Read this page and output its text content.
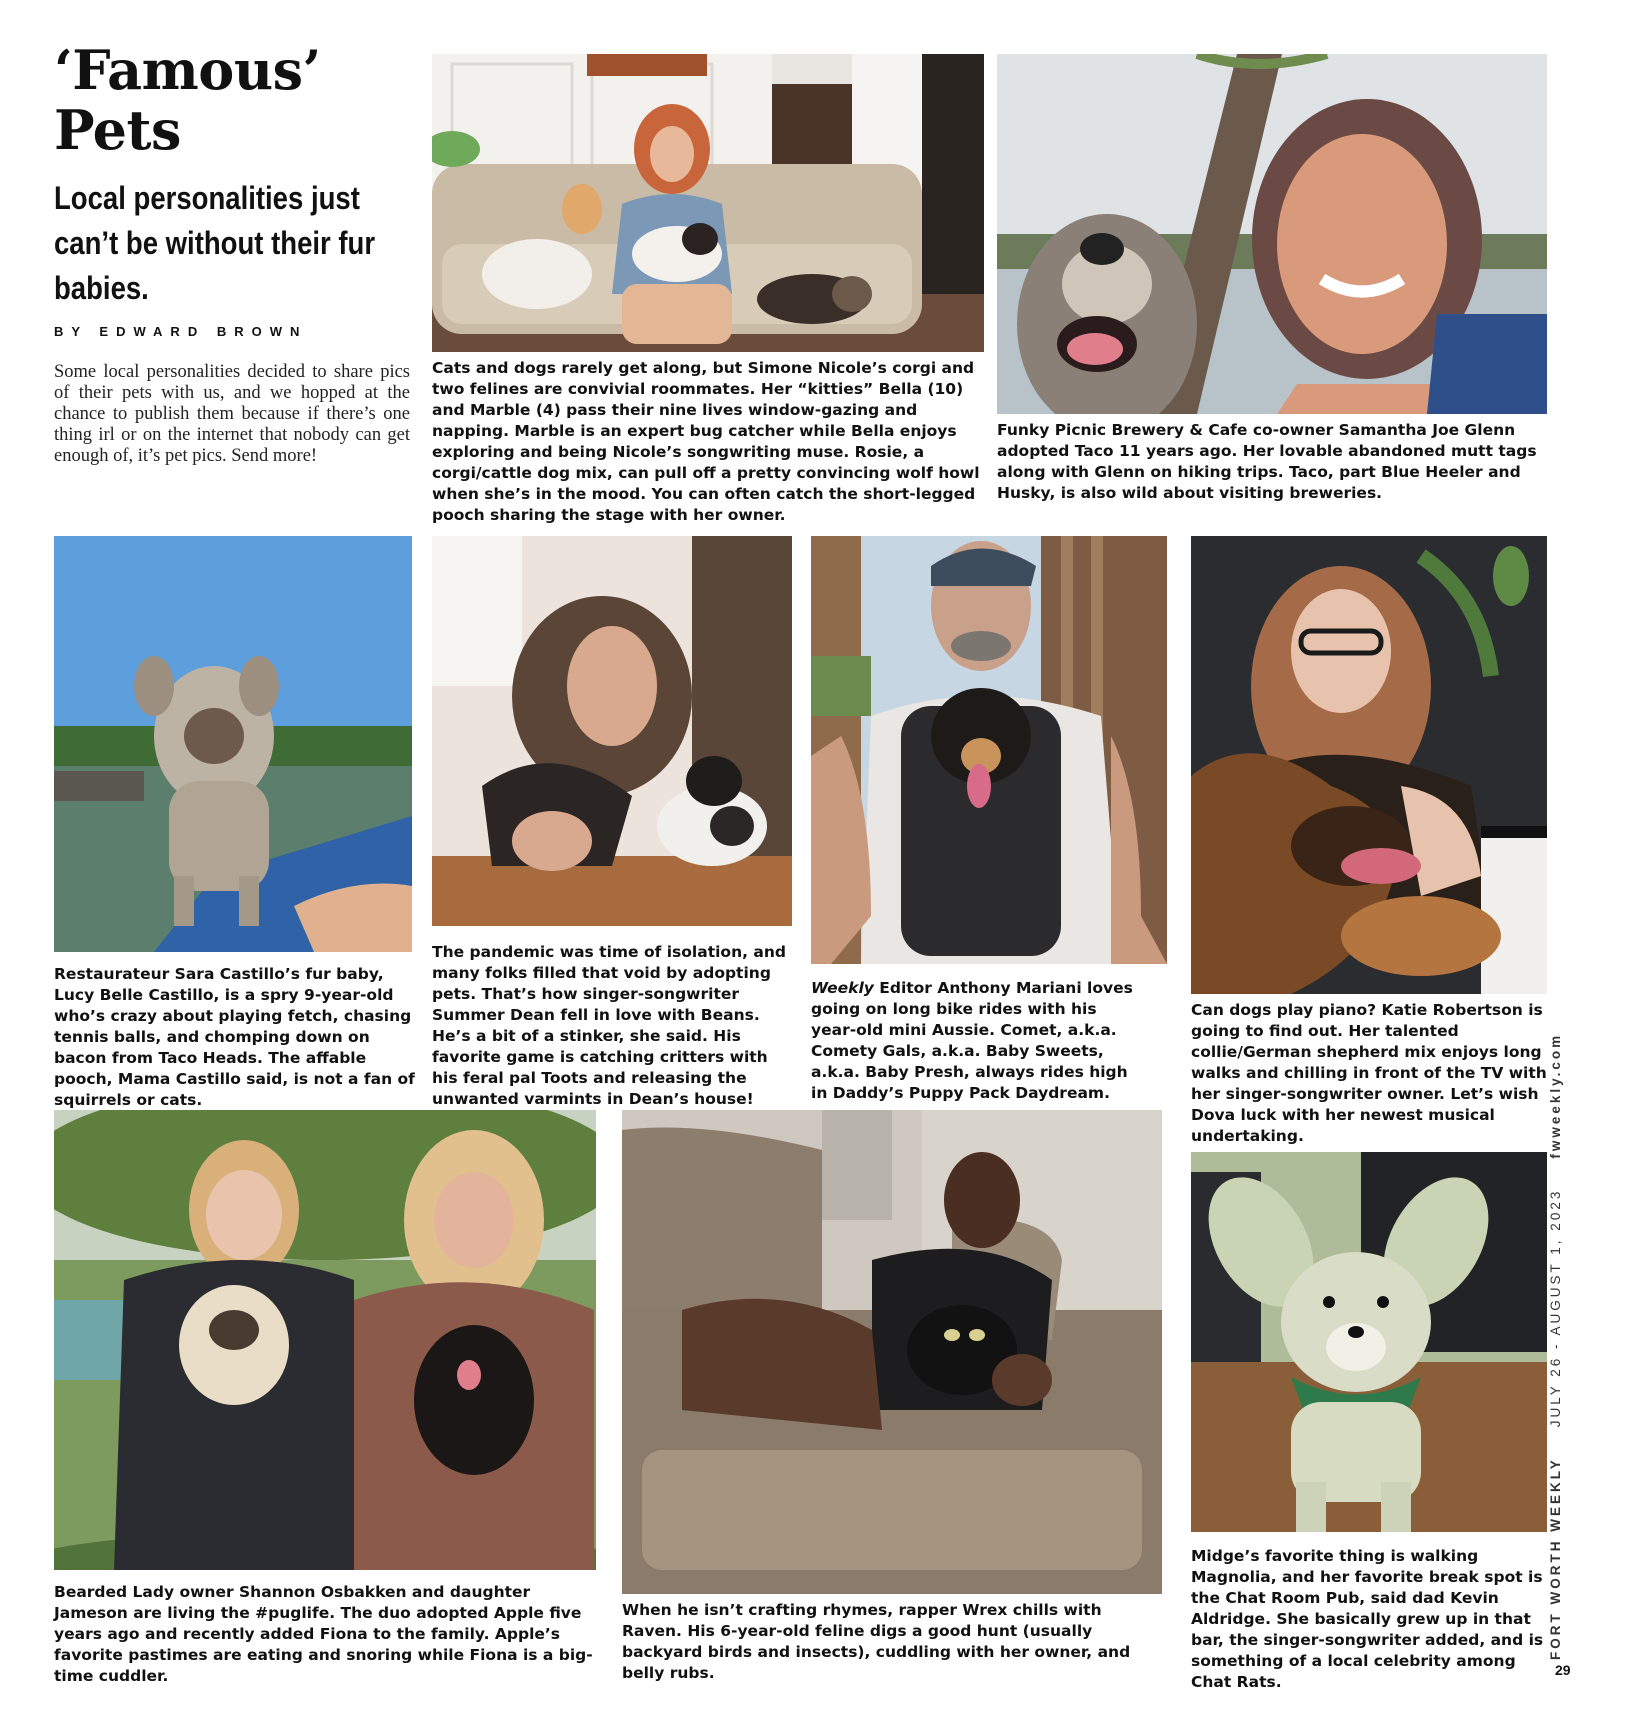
‘Famous’
Pets
Local personalities just can’t be without their fur babies.
BY EDWARD BROWN
Some local personalities decided to share pics of their pets with us, and we hopped at the chance to publish them because if there’s one thing irl or on the internet that nobody can get enough of, it’s pet pics. Send more!
Cats and dogs rarely get along, but Simone Nicole’s corgi and two felines are convivial roommates. Her “kitties” Bella (10) and Marble (4) pass their nine lives window-gazing and napping. Marble is an expert bug catcher while Bella enjoys exploring and being Nicole’s songwriting muse. Rosie, a corgi/cattle dog mix, can pull off a pretty convincing wolf howl when she’s in the mood. You can often catch the short-legged pooch sharing the stage with her owner.
Funky Picnic Brewery & Cafe co-owner Samantha Joe Glenn adopted Taco 11 years ago. Her lovable abandoned mutt tags along with Glenn on hiking trips. Taco, part Blue Heeler and Husky, is also wild about visiting breweries.
Restaurateur Sara Castillo’s fur baby, Lucy Belle Castillo, is a spry 9-year-old who’s crazy about playing fetch, chasing tennis balls, and chomping down on bacon from Taco Heads. The affable pooch, Mama Castillo said, is not a fan of squirrels or cats.
The pandemic was time of isolation, and many folks filled that void by adopting pets. That’s how singer-songwriter Summer Dean fell in love with Beans. He’s a bit of a stinker, she said. His favorite game is catching critters with his feral pal Toots and releasing the unwanted varmints in Dean’s house!
Weekly Editor Anthony Mariani loves going on long bike rides with his year-old mini Aussie. Comet, a.k.a. Comety Gals, a.k.a. Baby Sweets, a.k.a. Baby Presh, always rides high in Daddy’s Puppy Pack Daydream.
Can dogs play piano? Katie Robertson is going to find out. Her talented collie/German shepherd mix enjoys long walks and chilling in front of the TV with her singer-songwriter owner. Let’s wish Dova luck with her newest musical undertaking.
Bearded Lady owner Shannon Osbakken and daughter Jameson are living the #puglife. The duo adopted Apple five years ago and recently added Fiona to the family. Apple’s favorite pastimes are eating and snoring while Fiona is a big-time cuddler.
When he isn’t crafting rhymes, rapper Wrex chills with Raven. His 6-year-old feline digs a good hunt (usually backyard birds and insects), cuddling with her owner, and belly rubs.
Midge’s favorite thing is walking Magnolia, and her favorite break spot is the Chat Room Pub, said dad Kevin Aldridge. She basically grew up in that bar, the singer-songwriter added, and is something of a local celebrity among Chat Rats.
FORT WORTH WEEKLYJULY 26 - AUGUST 1, 2023fwweekly.com
29
